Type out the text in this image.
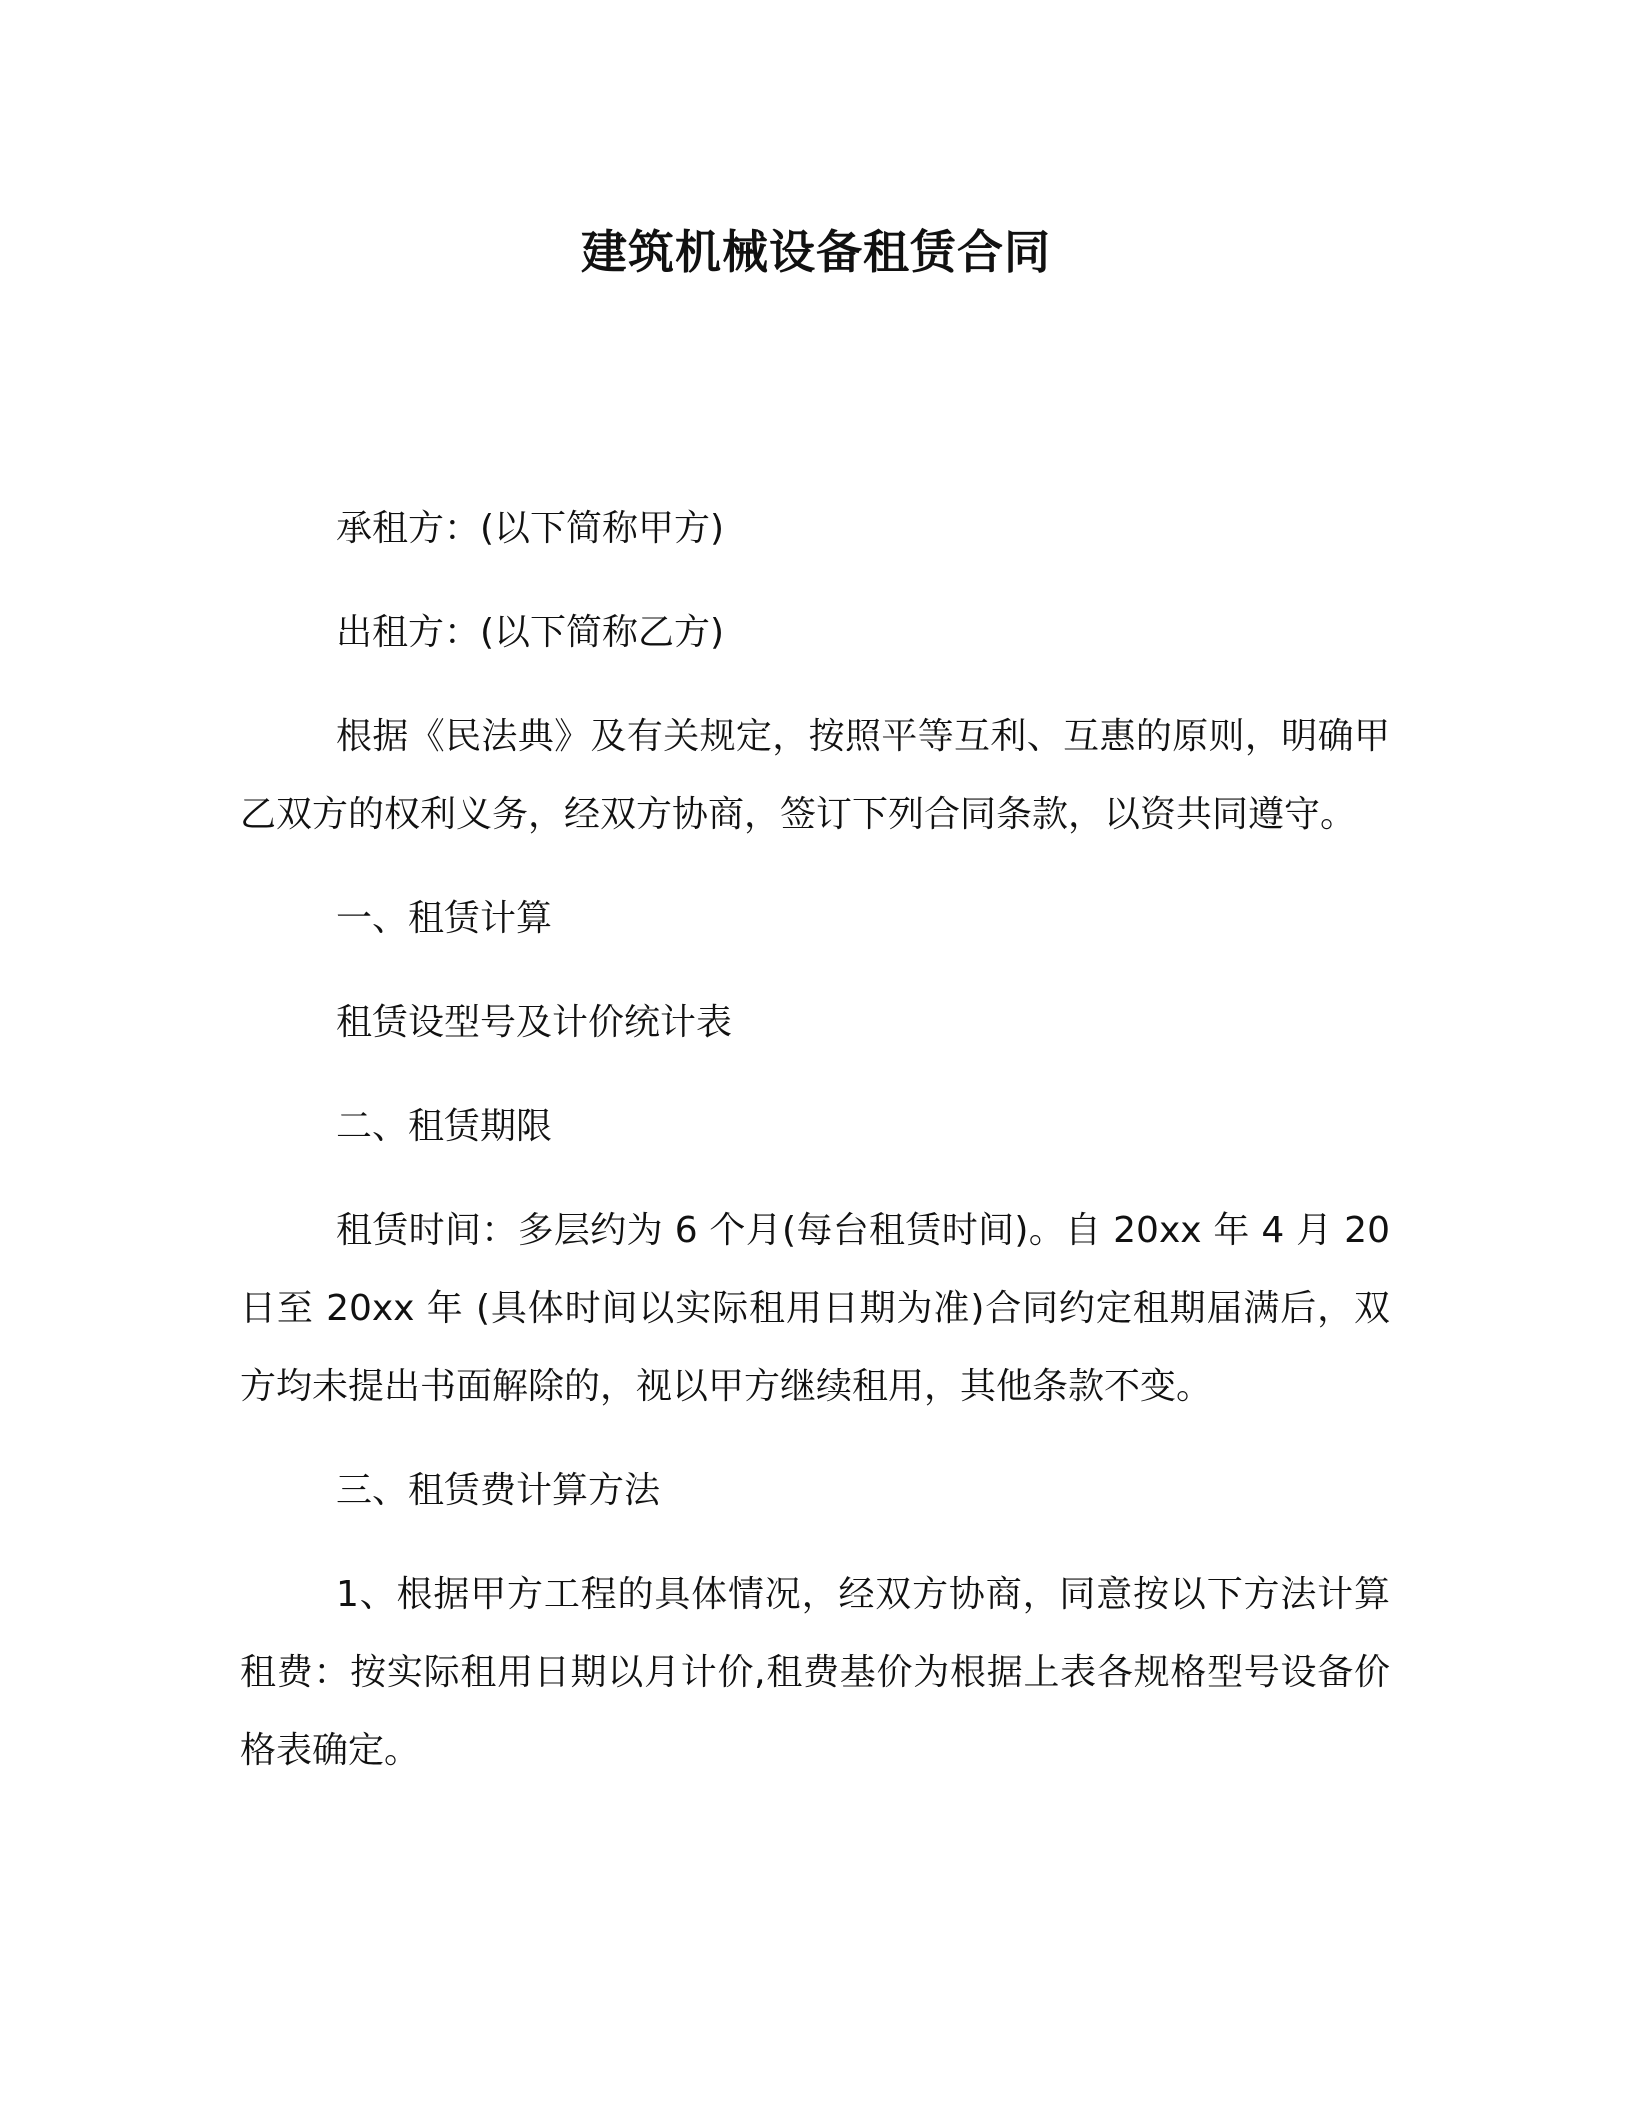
建筑机械设备租赁合同

承租方：(以下简称甲方)

出租方：(以下简称乙方)

根据《民法典》及有关规定，按照平等互利、互惠的原则，明确甲乙双方的权利义务，经双方协商，签订下列合同条款，以资共同遵守。

一、租赁计算

租赁设型号及计价统计表

二、租赁期限

租赁时间：多层约为 6 个月(每台租赁时间)。自 20xx 年 4 月 20 日至 20xx 年 (具体时间以实际租用日期为准)合同约定租期届满后，双方均未提出书面解除的，视以甲方继续租用，其他条款不变。

三、租赁费计算方法

1、根据甲方工程的具体情况，经双方协商，同意按以下方法计算租费：按实际租用日期以月计价,租费基价为根据上表各规格型号设备价格表确定。
